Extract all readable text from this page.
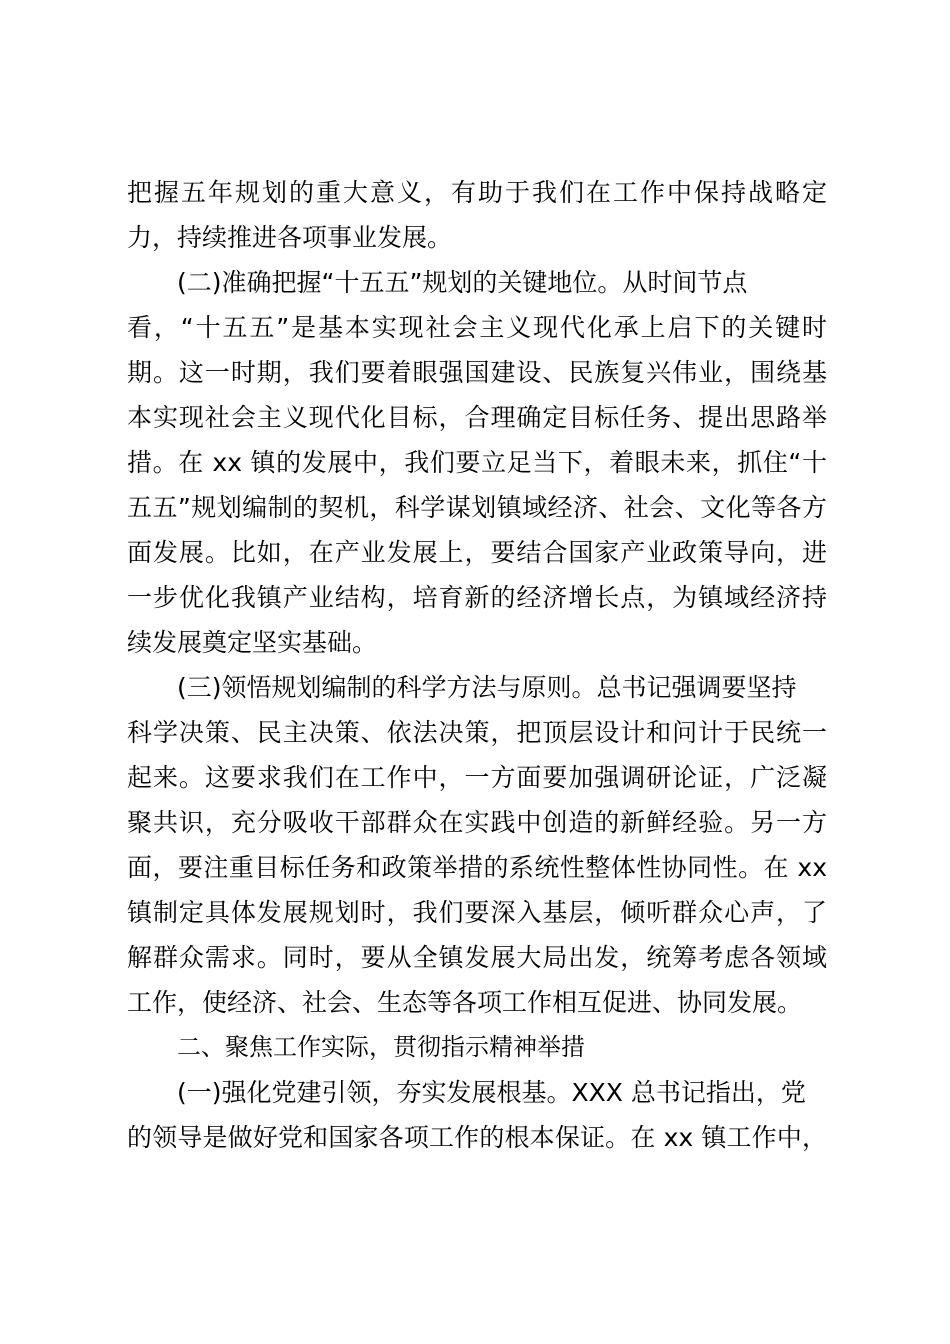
把握五年规划的重大意义，有助于我们在工作中保持战略定
力，持续推进各项事业发展。
(二)准确把握“十五五”规划的关键地位。从时间节点
看，“十五五”是基本实现社会主义现代化承上启下的关键时
期。这一时期，我们要着眼强国建设、民族复兴伟业，围绕基
本实现社会主义现代化目标，合理确定目标任务、提出思路举
措。在 xx 镇的发展中，我们要立足当下，着眼未来，抓住“十
五五”规划编制的契机，科学谋划镇域经济、社会、文化等各方
面发展。比如，在产业发展上，要结合国家产业政策导向，进
一步优化我镇产业结构，培育新的经济增长点，为镇域经济持
续发展奠定坚实基础。
(三)领悟规划编制的科学方法与原则。总书记强调要坚持
科学决策、民主决策、依法决策，把顶层设计和问计于民统一
起来。这要求我们在工作中，一方面要加强调研论证，广泛凝
聚共识，充分吸收干部群众在实践中创造的新鲜经验。另一方
面，要注重目标任务和政策举措的系统性整体性协同性。在 xx
镇制定具体发展规划时，我们要深入基层，倾听群众心声，了
解群众需求。同时，要从全镇发展大局出发，统筹考虑各领域
工作，使经济、社会、生态等各项工作相互促进、协同发展。
二、聚焦工作实际，贯彻指示精神举措
(一)强化党建引领，夯实发展根基。XXX 总书记指出，党
的领导是做好党和国家各项工作的根本保证。在 xx 镇工作中，
